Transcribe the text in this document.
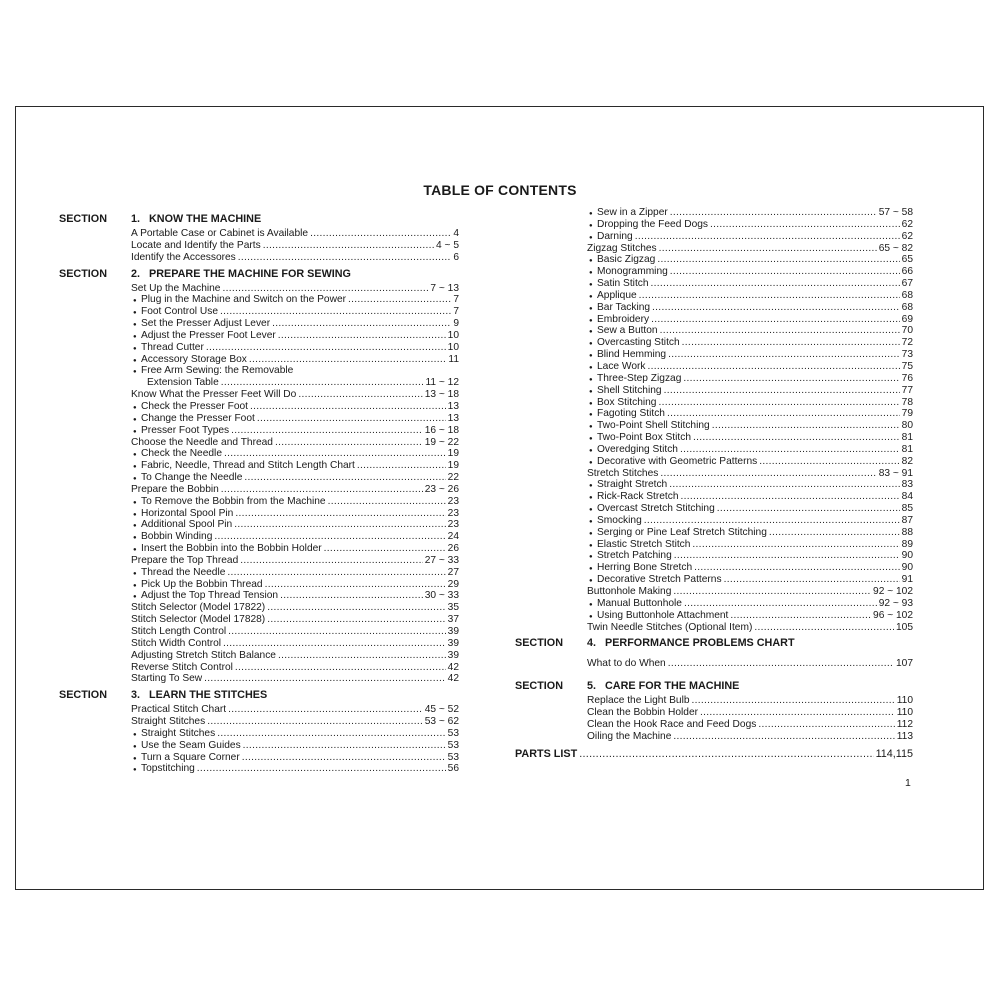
TABLE OF CONTENTS
SECTION	1. KNOW THE MACHINE
A Portable Case or Cabinet is Available .....	4
Locate and Identify the Parts .....	4 ~ 5
Identify the Accessores .....	6
SECTION	2. PREPARE THE MACHINE FOR SEWING
Set Up the Machine .....	7 ~ 13
● Plug in the Machine and Switch on the Power .....	7
● Foot Control Use .....	7
● Set the Presser Adjust Lever .....	9
● Adjust the Presser Foot Lever .....	10
● Thread Cutter .....	10
● Accessory Storage Box .....	11
● Free Arm Sewing: the Removable
Extension Table .....	11 ~ 12
Know What the Presser Feet Will Do .....	13 ~ 18
● Check the Presser Foot .....	13
● Change the Presser Foot .....	13
● Presser Foot Types .....	16 ~ 18
Choose the Needle and Thread .....	19 ~ 22
● Check the Needle .....	19
● Fabric, Needle, Thread and Stitch Length Chart .....	19
● To Change the Needle .....	22
Prepare the Bobbin .....	23 ~ 26
● To Remove the Bobbin from the Machine .....	23
● Horizontal Spool Pin .....	23
● Additional Spool Pin .....	23
● Bobbin Winding .....	24
● Insert the Bobbin into the Bobbin Holder .....	26
Prepare the Top Thread .....	27 ~ 33
● Thread the Needle .....	27
● Pick Up the Bobbin Thread .....	29
● Adjust the Top Thread Tension .....	30 ~ 33
Stitch Selector (Model 17822) .....	35
Stitch Selector (Model 17828) .....	37
Stitch Length Control .....	39
Stitch Width Control .....	39
Adjusting Stretch Stitch Balance .....	39
Reverse Stitch Control .....	42
Starting To Sew .....	42
SECTION	3. LEARN THE STITCHES
Practical Stitch Chart .....	45 ~ 52
Straight Stitches .....	53 ~ 62
● Straight Stitches .....	53
● Use the Seam Guides .....	53
● Turn a Square Corner .....	53
● Topstitching .....	56
● Sew in a Zipper .....	57 ~ 58
● Dropping the Feed Dogs .....	62
● Darning .....	62
Zigzag Stitches .....	65 ~ 82
● Basic Zigzag .....	65
● Monogramming .....	66
● Satin Stitch .....	67
● Applique .....	68
● Bar Tacking .....	68
● Embroidery .....	69
● Sew a Button .....	70
● Overcasting Stitch .....	72
● Blind Hemming .....	73
● Lace Work .....	75
● Three-Step Zigzag .....	76
● Shell Stitching .....	77
● Box Stitching .....	78
● Fagoting Stitch .....	79
● Two-Point Shell Stitching .....	80
● Two-Point Box Stitch .....	81
● Overedging Stitch .....	81
● Decorative with Geometric Patterns .....	82
Stretch Stitches .....	83 ~ 91
● Straight Stretch .....	83
● Rick-Rack Stretch .....	84
● Overcast Stretch Stitching .....	85
● Smocking .....	87
● Serging or Pine Leaf Stretch Stitching .....	88
● Elastic Stretch Stitch .....	89
● Stretch Patching .....	90
● Herring Bone Stretch .....	90
● Decorative Stretch Patterns .....	91
Buttonhole Making .....	92 ~ 102
● Manual Buttonhole .....	92 ~ 93
● Using Buttonhole Attachment .....	96 ~ 102
Twin Needle Stitches (Optional Item) .....	105
SECTION	4. PERFORMANCE PROBLEMS CHART
What to do When .....	107
SECTION	5. CARE FOR THE MACHINE
Replace the Light Bulb .....	110
Clean the Bobbin Holder .....	110
Clean the Hook Race and Feed Dogs .....	112
Oiling the Machine .....	113
PARTS LIST .....	114,115
1
